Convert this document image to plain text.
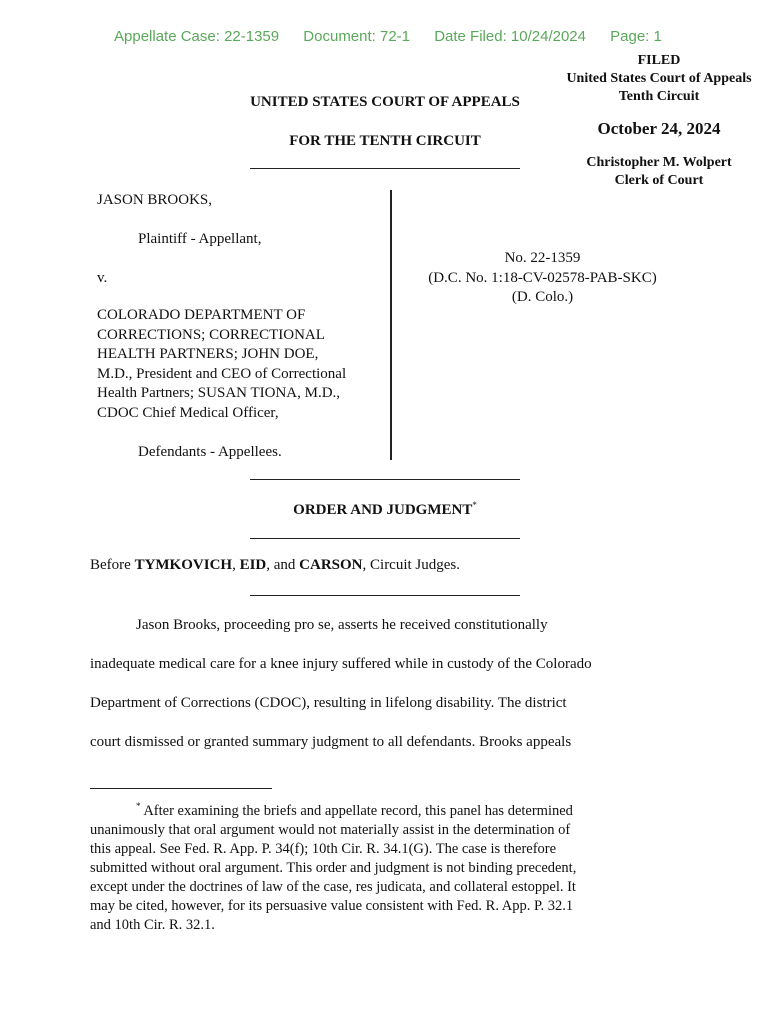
Appellate Case: 22-1359 Document: 72-1 Date Filed: 10/24/2024 Page: 1
FILED
United States Court of Appeals
Tenth Circuit
October 24, 2024
Christopher M. Wolpert
Clerk of Court
UNITED STATES COURT OF APPEALS
FOR THE TENTH CIRCUIT
JASON BROOKS,
Plaintiff - Appellant,
v.
COLORADO DEPARTMENT OF
CORRECTIONS; CORRECTIONAL
HEALTH PARTNERS; JOHN DOE,
M.D., President and CEO of Correctional
Health Partners; SUSAN TIONA, M.D.,
CDOC Chief Medical Officer,
Defendants - Appellees.
No. 22-1359
(D.C. No. 1:18-CV-02578-PAB-SKC)
(D. Colo.)
ORDER AND JUDGMENT*
Before TYMKOVICH, EID, and CARSON, Circuit Judges.

Jason Brooks, proceeding pro se, asserts he received constitutionally

inadequate medical care for a knee injury suffered while in custody of the Colorado

Department of Corrections (CDOC), resulting in lifelong disability. The district

court dismissed or granted summary judgment to all defendants. Brooks appeals

* After examining the briefs and appellate record, this panel has determined
unanimously that oral argument would not materially assist in the determination of
this appeal. See Fed. R. App. P. 34(f); 10th Cir. R. 34.1(G). The case is therefore
submitted without oral argument. This order and judgment is not binding precedent,
except under the doctrines of law of the case, res judicata, and collateral estoppel. It
may be cited, however, for its persuasive value consistent with Fed. R. App. P. 32.1
and 10th Cir. R. 32.1.
